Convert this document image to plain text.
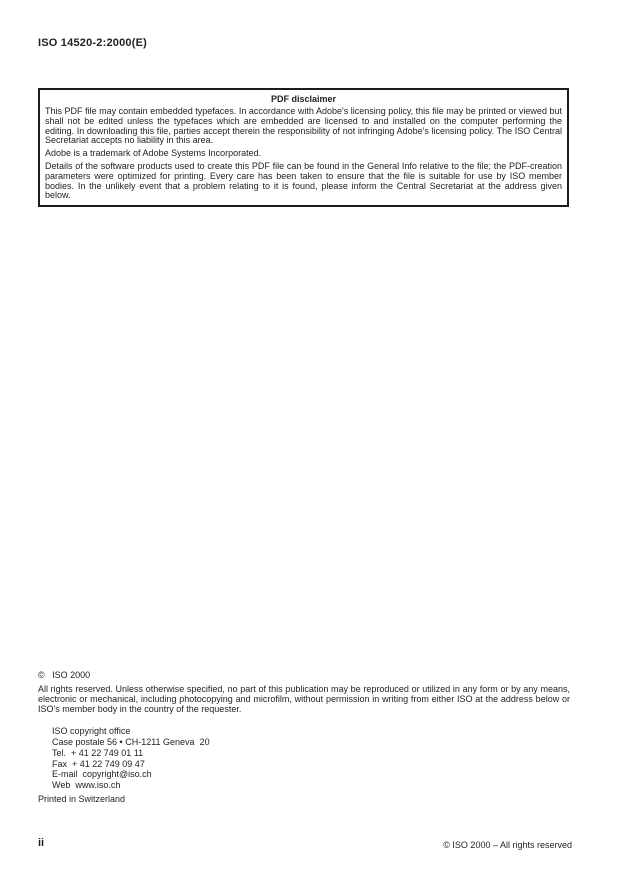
ISO 14520-2:2000(E)
PDF disclaimer

This PDF file may contain embedded typefaces. In accordance with Adobe's licensing policy, this file may be printed or viewed but shall not be edited unless the typefaces which are embedded are licensed to and installed on the computer performing the editing. In downloading this file, parties accept therein the responsibility of not infringing Adobe's licensing policy. The ISO Central Secretariat accepts no liability in this area.

Adobe is a trademark of Adobe Systems Incorporated.

Details of the software products used to create this PDF file can be found in the General Info relative to the file; the PDF-creation parameters were optimized for printing. Every care has been taken to ensure that the file is suitable for use by ISO member bodies. In the unlikely event that a problem relating to it is found, please inform the Central Secretariat at the address given below.

©   ISO 2000

All rights reserved. Unless otherwise specified, no part of this publication may be reproduced or utilized in any form or by any means, electronic or mechanical, including photocopying and microfilm, without permission in writing from either ISO at the address below or ISO's member body in the country of the requester.

ISO copyright office
Case postale 56 • CH-1211 Geneva  20
Tel.  + 41 22 749 01 11
Fax  + 41 22 749 09 47
E-mail  copyright@iso.ch
Web  www.iso.ch
Printed in Switzerland
ii	© ISO 2000 – All rights reserved
